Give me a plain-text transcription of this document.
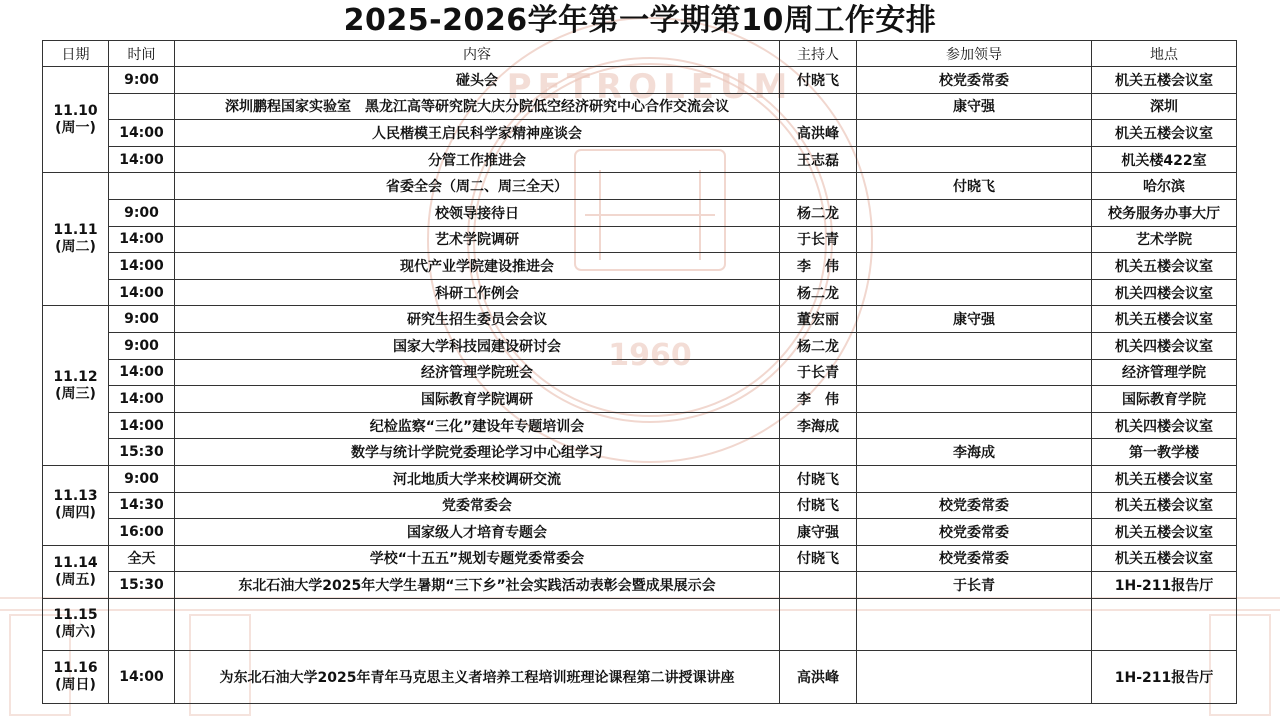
PETROLEUM
1960
2025-2026学年第一学期第10周工作安排
日期	时间	内容	主持人	参加领导	地点

11.10
(周一)	9:00	碰头会	付晓飞	校党委常委	机关五楼会议室
		深圳鹏程国家实验室　黑龙江高等研究院大庆分院低空经济研究中心合作交流会议		康守强	深圳
	14:00	人民楷模王启民科学家精神座谈会	高洪峰		机关五楼会议室
	14:00	分管工作推进会	王志磊		机关楼422室

11.11
(周二)		省委全会（周二、周三全天）		付晓飞	哈尔滨
	9:00	校领导接待日	杨二龙		校务服务办事大厅
	14:00	艺术学院调研	于长青		艺术学院
	14:00	现代产业学院建设推进会	李　伟		机关五楼会议室
	14:00	科研工作例会	杨二龙		机关四楼会议室

11.12
(周三)	9:00	研究生招生委员会会议	董宏丽	康守强	机关五楼会议室
	9:00	国家大学科技园建设研讨会	杨二龙		机关四楼会议室
	14:00	经济管理学院班会	于长青		经济管理学院
	14:00	国际教育学院调研	李　伟		国际教育学院
	14:00	纪检监察“三化”建设年专题培训会	李海成		机关四楼会议室
	15:30	数学与统计学院党委理论学习中心组学习		李海成	第一教学楼

11.13
(周四)	9:00	河北地质大学来校调研交流	付晓飞		机关五楼会议室
	14:30	党委常委会	付晓飞	校党委常委	机关五楼会议室
	16:00	国家级人才培育专题会	康守强	校党委常委	机关五楼会议室

11.14
(周五)	全天	学校“十五五”规划专题党委常委会	付晓飞	校党委常委	机关五楼会议室
	15:30	东北石油大学2025年大学生暑期“三下乡”社会实践活动表彰会暨成果展示会		于长青	1H-211报告厅

11.15
(周六)					

11.16
(周日)	14:00	为东北石油大学2025年青年马克思主义者培养工程培训班理论课程第二讲授课讲座	高洪峰		1H-211报告厅
